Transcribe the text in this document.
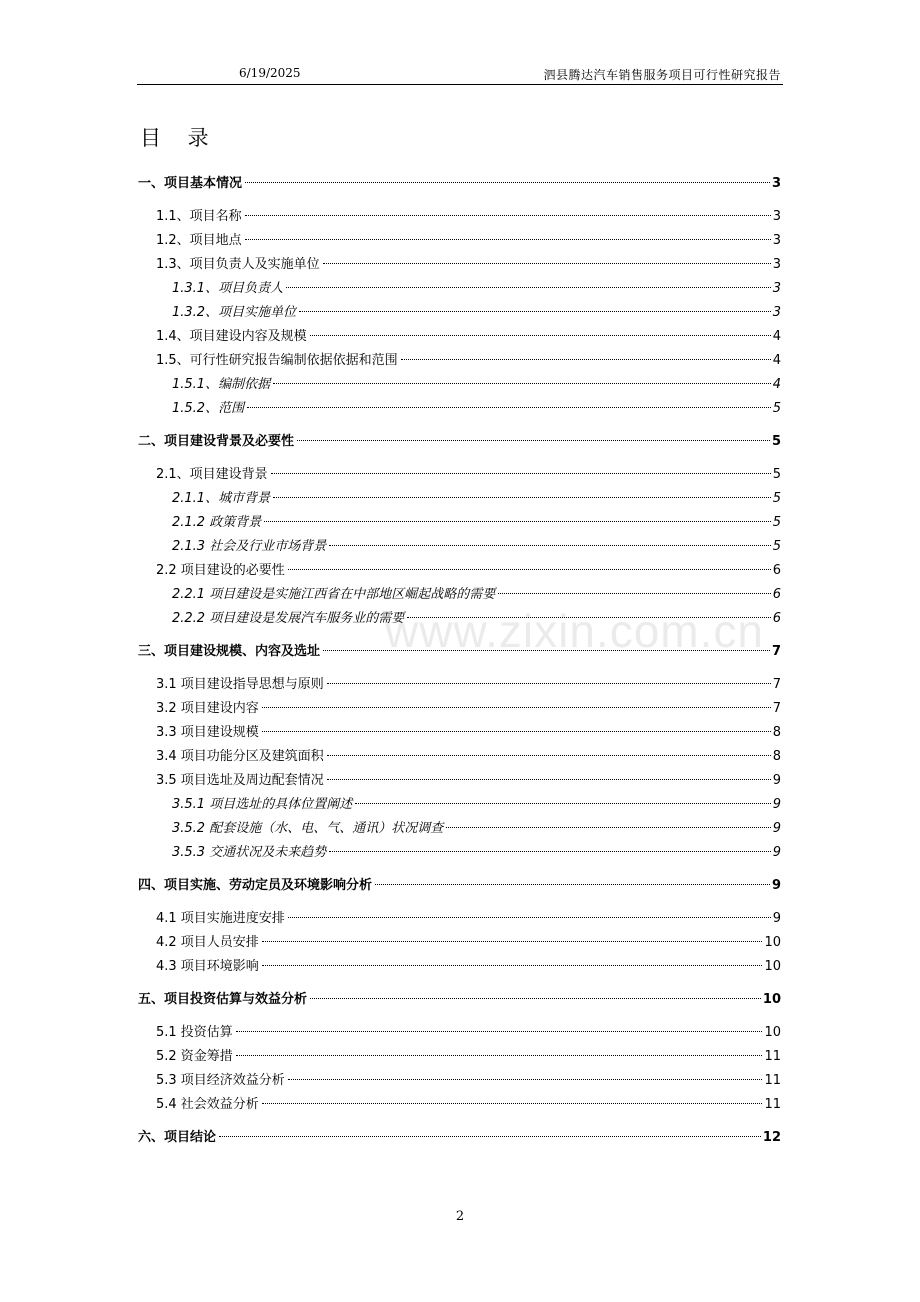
6/19/2025	泗县腾达汽车销售服务项目可行性研究报告
目 录
一、项目基本情况	3
1.1、项目名称	3
1.2、项目地点	3
1.3、项目负责人及实施单位	3
1.3.1、项目负责人	3
1.3.2、项目实施单位	3
1.4、项目建设内容及规模	4
1.5、可行性研究报告编制依据依据和范围	4
1.5.1、编制依据	4
1.5.2、范围	5
二、项目建设背景及必要性	5
2.1、项目建设背景	5
2.1.1、城市背景	5
2.1.2 政策背景	5
2.1.3 社会及行业市场背景	5
2.2 项目建设的必要性	6
2.2.1 项目建设是实施江西省在中部地区崛起战略的需要	6
2.2.2 项目建设是发展汽车服务业的需要	6
三、项目建设规模、内容及选址	7
3.1 项目建设指导思想与原则	7
3.2 项目建设内容	7
3.3 项目建设规模	8
3.4 项目功能分区及建筑面积	8
3.5 项目选址及周边配套情况	9
3.5.1 项目选址的具体位置阐述	9
3.5.2 配套设施（水、电、气、通讯）状况调查	9
3.5.3 交通状况及未来趋势	9
四、项目实施、劳动定员及环境影响分析	9
4.1 项目实施进度安排	9
4.2 项目人员安排	10
4.3 项目环境影响	10
五、项目投资估算与效益分析	10
5.1 投资估算	10
5.2 资金筹措	11
5.3 项目经济效益分析	11
5.4 社会效益分析	11
六、项目结论	12
www.zixin.com.cn
2
